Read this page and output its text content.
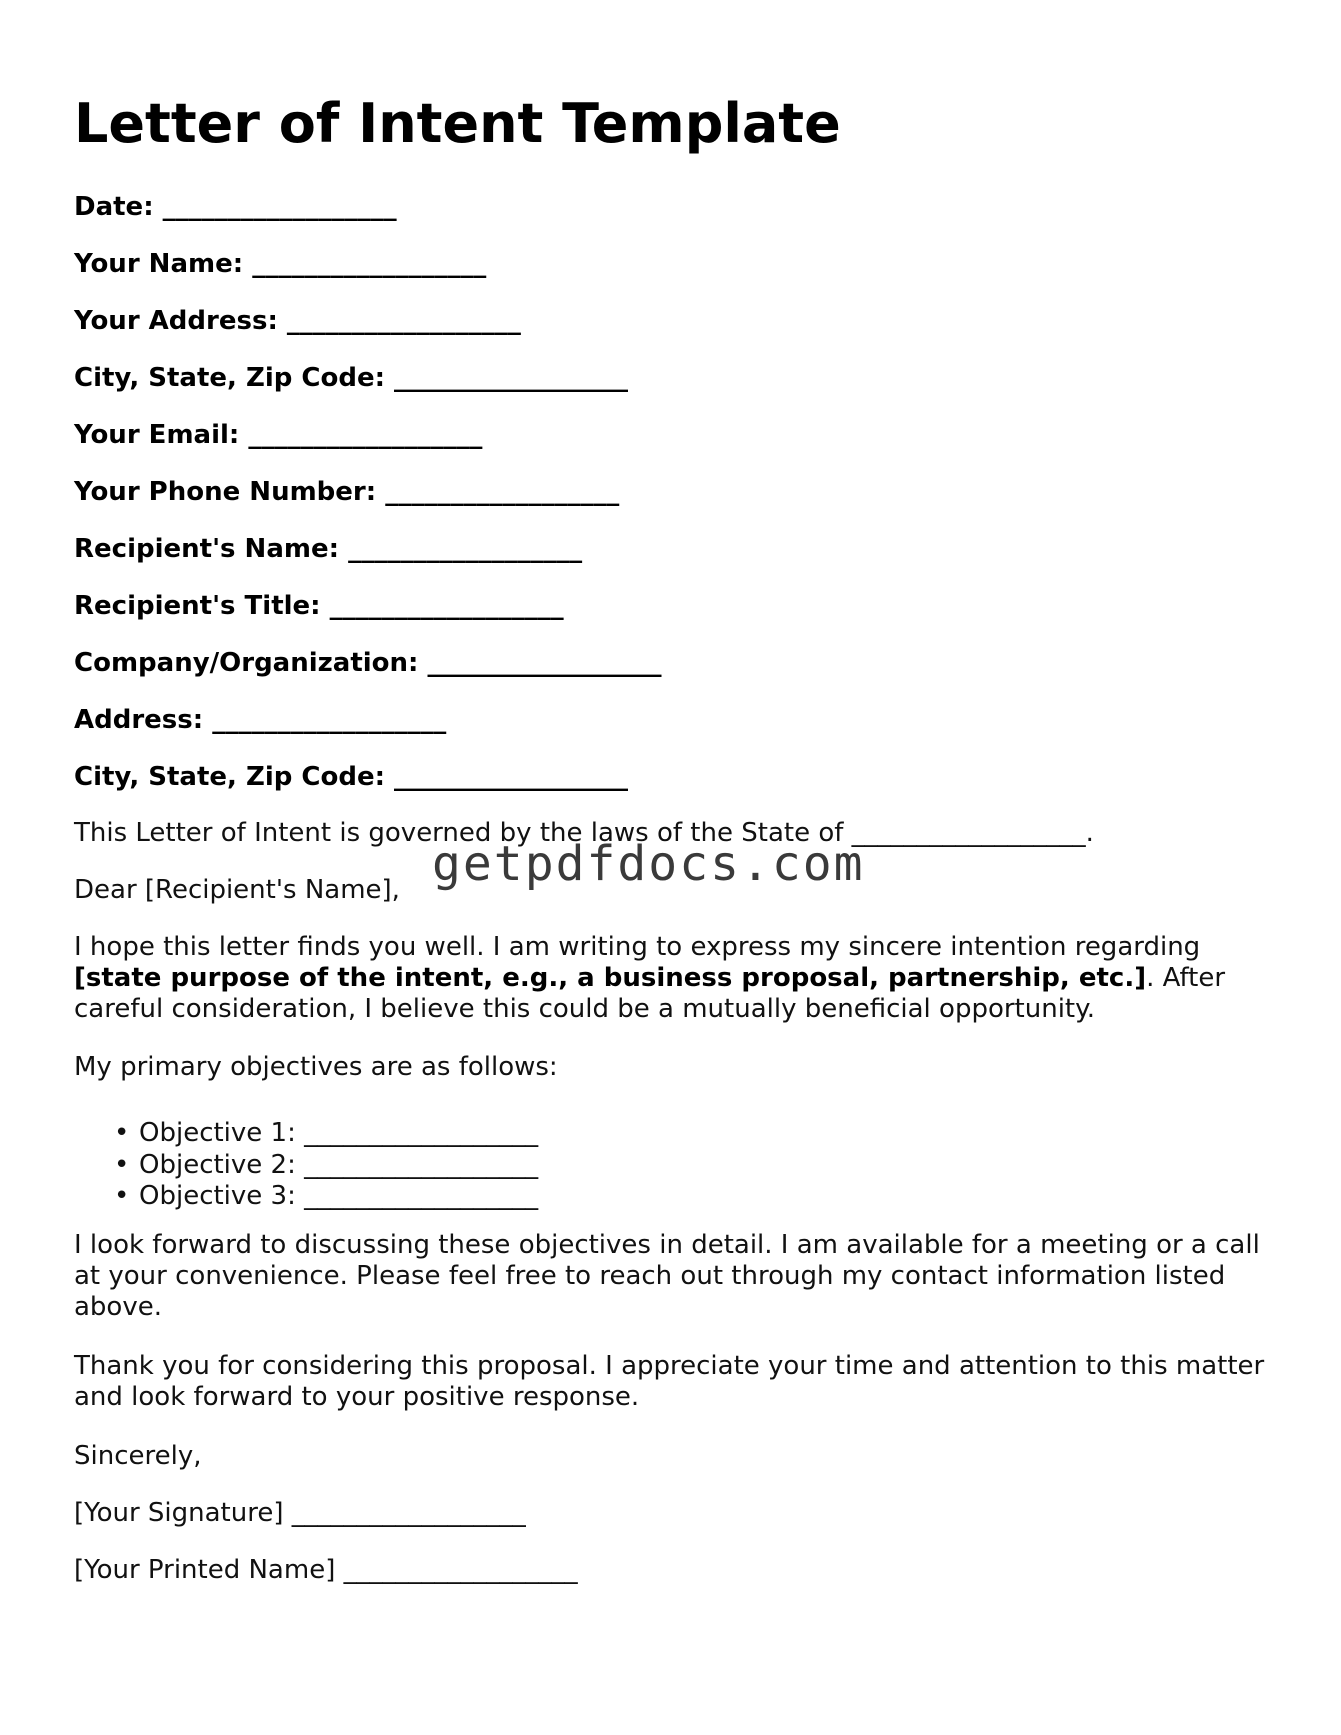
Letter of Intent Template

Date: __________________

Your Name: __________________

Your Address: __________________

City, State, Zip Code: __________________

Your Email: __________________

Your Phone Number: __________________

Recipient's Name: __________________

Recipient's Title: __________________

Company/Organization: __________________

Address: __________________

City, State, Zip Code: __________________

This Letter of Intent is governed by the laws of the State of __________________.

Dear [Recipient's Name],

I hope this letter finds you well. I am writing to express my sincere intention regarding [state purpose of the intent, e.g., a business proposal, partnership, etc.]. After careful consideration, I believe this could be a mutually beneficial opportunity.

My primary objectives are as follows:

• Objective 1: __________________
• Objective 2: __________________
• Objective 3: __________________

I look forward to discussing these objectives in detail. I am available for a meeting or a call at your convenience. Please feel free to reach out through my contact information listed above.

Thank you for considering this proposal. I appreciate your time and attention to this matter and look forward to your positive response.

Sincerely,

[Your Signature] __________________

[Your Printed Name] __________________

getpdfdocs.com
